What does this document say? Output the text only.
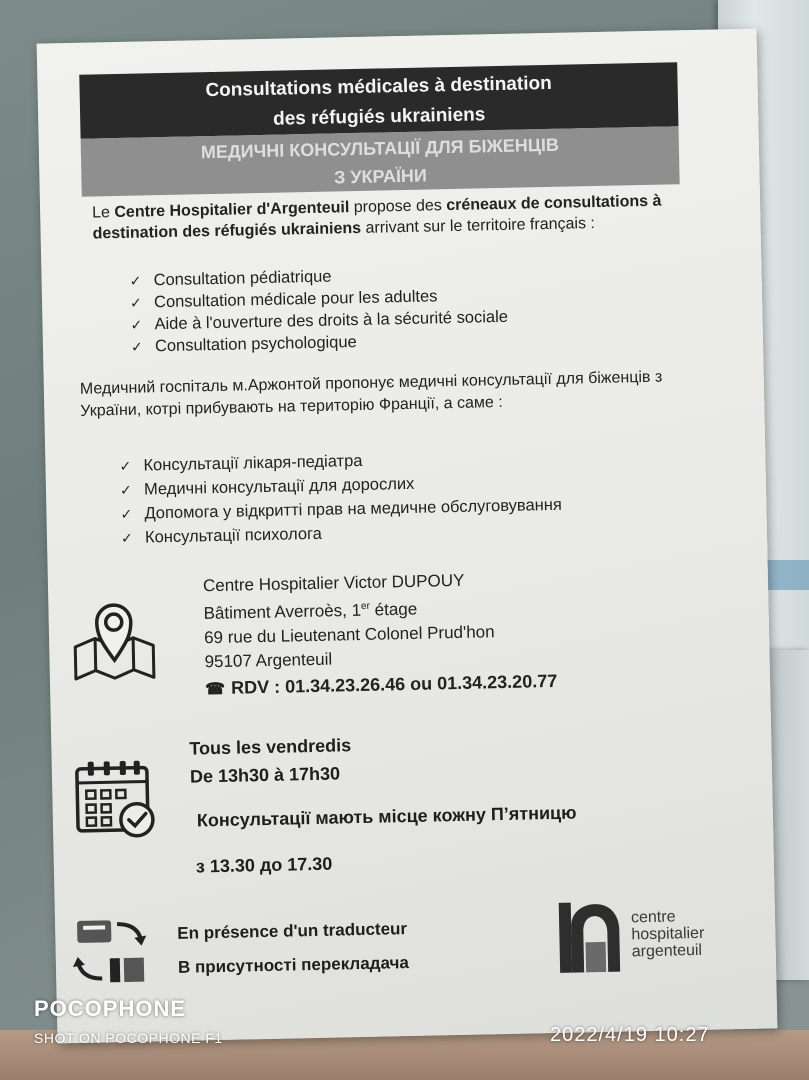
Consultations médicales à destination
des réfugiés ukrainiens
МЕДИЧНІ КОНСУЛЬТАЦІЇ ДЛЯ БІЖЕНЦІВ
З УКРАЇНИ
Le Centre Hospitalier d'Argenteuil propose des créneaux de consultations à destination des réfugiés ukrainiens arrivant sur le territoire français :
✓ Consultation pédiatrique
✓ Consultation médicale pour les adultes
✓ Aide à l'ouverture des droits à la sécurité sociale
✓ Consultation psychologique
Медичний госпіталь м.Аржонтой пропонує медичні консультації для біженців з України, котрі прибувають на територію Франції, а саме :
✓ Консультації лікаря-педіатра
✓ Медичні консультації для дорослих
✓ Допомога у відкритті прав на медичне обслуговування
✓ Консультації психолога
Centre Hospitalier Victor DUPOUY
Bâtiment Averroès, 1er étage
69 rue du Lieutenant Colonel Prud'hon
95107 Argenteuil
☎ RDV : 01.34.23.26.46 ou 01.34.23.20.77
Tous les vendredis
De 13h30 à 17h30
Консультації мають місце кожну П’ятницю
з 13.30 до 17.30
En présence d'un traducteur
В присутності перекладача
centre
hospitalier
argenteuil
POCOPHONE
SHOT ON POCOPHONE F1	2022/4/19 10:27
